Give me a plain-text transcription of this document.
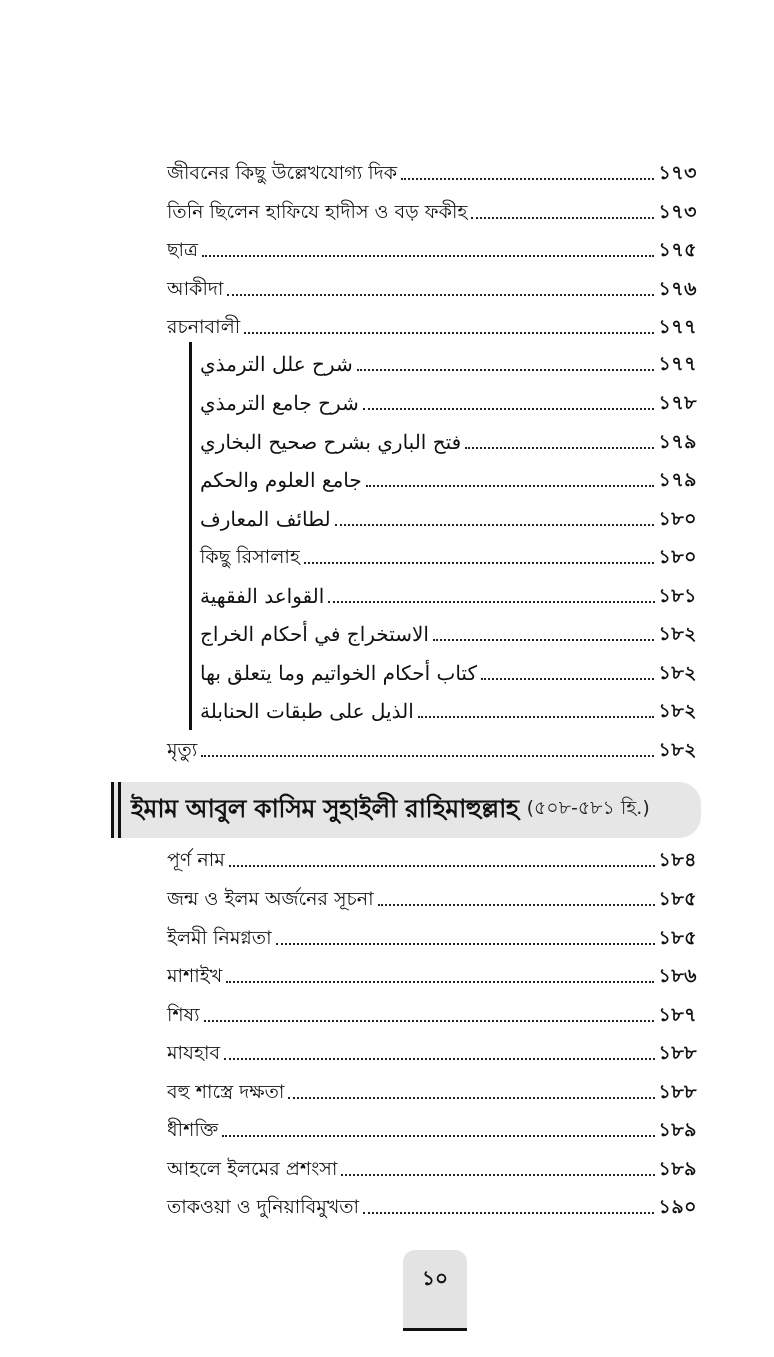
জীবনের কিছু উল্লেখযোগ্য দিক	১৭৩
তিনি ছিলেন হাফিযে হাদীস ও বড় ফকীহ	১৭৩
ছাত্র	১৭৫
আকীদা	১৭৬
রচনাবালী	১৭৭
شرح علل الترمذي	১৭৭
شرح جامع الترمذي	১৭৮
فتح الباري بشرح صحيح البخاري	১৭৯
جامع العلوم والحكم	১৭৯
لطائف المعارف	১৮০
কিছু রিসালাহ	১৮০
القواعد الفقهية	১৮১
الاستخراج في أحكام الخراج	১৮২
كتاب أحكام الخواتيم وما يتعلق بها	১৮২
الذيل على طبقات الحنابلة	১৮২
মৃত্যু	১৮২
ইমাম আবুল কাসিম সুহাইলী রাহিমাহুল্লাহ (৫০৮-৫৮১ হি.)
পূর্ণ নাম	১৮৪
জন্ম ও ইলম অর্জনের সূচনা	১৮৫
ইলমী নিমগ্নতা	১৮৫
মাশাইখ	১৮৬
শিষ্য	১৮৭
মাযহাব	১৮৮
বহু শাস্ত্রে দক্ষতা	১৮৮
ধীশক্তি	১৮৯
আহলে ইলমের প্রশংসা	১৮৯
তাকওয়া ও দুনিয়াবিমুখতা	১৯০
১০
